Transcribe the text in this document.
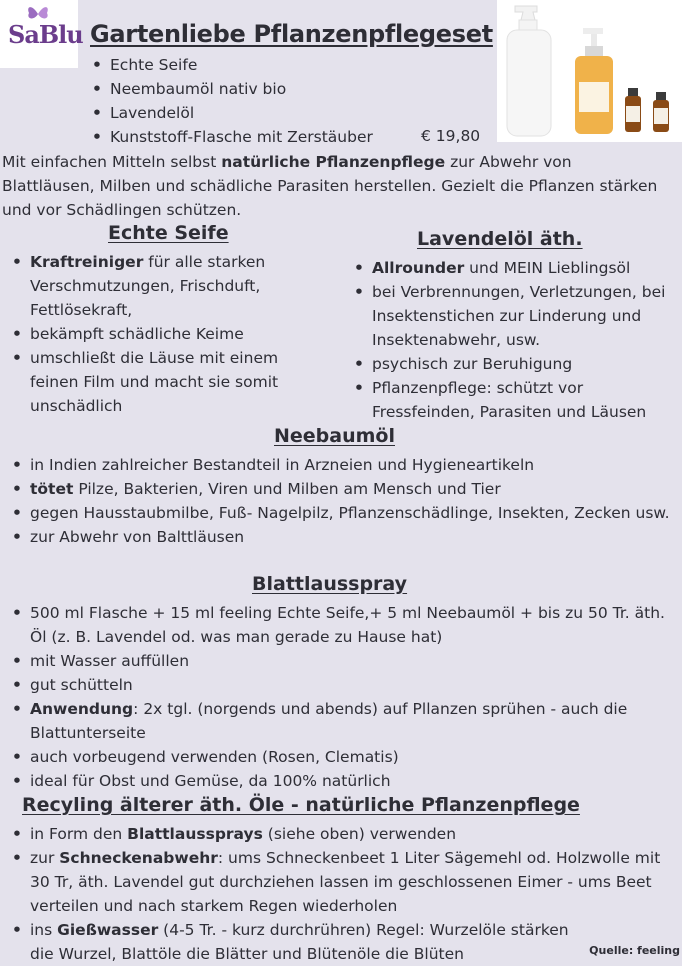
SaBlu Gartenliebe Pflanzenpflegeset
• Echte Seife
• Neembaumöl nativ bio
• Lavendelöl
• Kunststoff-Flasche mit Zerstäuber	€ 19,80

Mit einfachen Mitteln selbst natürliche Pflanzenpflege zur Abwehr von Blattläusen, Milben und schädliche Parasiten herstellen. Gezielt die Pflanzen stärken und vor Schädlingen schützen.

Echte Seife
• Kraftreiniger für alle starken Verschmutzungen, Frischduft, Fettlösekraft,
• bekämpft schädliche Keime
• umschließt die Läuse mit einem feinen Film und macht sie somit unschädlich
Lavendelöl äth.
• Allrounder und MEIN Lieblingsöl
• bei Verbrennungen, Verletzungen, bei Insektenstichen zur Linderung und Insektenabwehr, usw.
• psychisch zur Beruhigung
• Pflanzenpflege: schützt vor Fressfeinden, Parasiten und Läusen
Neebaumöl
• in Indien zahlreicher Bestandteil in Arzneien und Hygieneartikeln
• tötet Pilze, Bakterien, Viren und Milben am Mensch und Tier
• gegen Hausstaubmilbe, Fuß- Nagelpilz, Pflanzenschädlinge, Insekten, Zecken usw.
• zur Abwehr von Balttläusen
Blattlausspray
• 500 ml Flasche + 15 ml feeling Echte Seife,+ 5 ml Neebaumöl + bis zu 50 Tr. äth. Öl (z. B. Lavendel od. was man gerade zu Hause hat)
• mit Wasser auffüllen
• gut schütteln
• Anwendung: 2x tgl. (norgends und abends) auf Pllanzen sprühen - auch die Blattunterseite
• auch vorbeugend verwenden (Rosen, Clematis)
• ideal für Obst und Gemüse, da 100% natürlich
Recyling älterer äth. Öle - natürliche Pflanzenpflege
• in Form den Blattlaussprays (siehe oben) verwenden
• zur Schneckenabwehr: ums Schneckenbeet 1 Liter Sägemehl od. Holzwolle mit 30 Tr, äth. Lavendel gut durchziehen lassen im geschlossenen Eimer - ums Beet verteilen und nach starkem Regen wiederholen
• ins Gießwasser (4-5 Tr. - kurz durchrühren) Regel: Wurzelöle stärken die Wurzel, Blattöle die Blätter und Blütenöle die Blüten	Quelle: feeling
